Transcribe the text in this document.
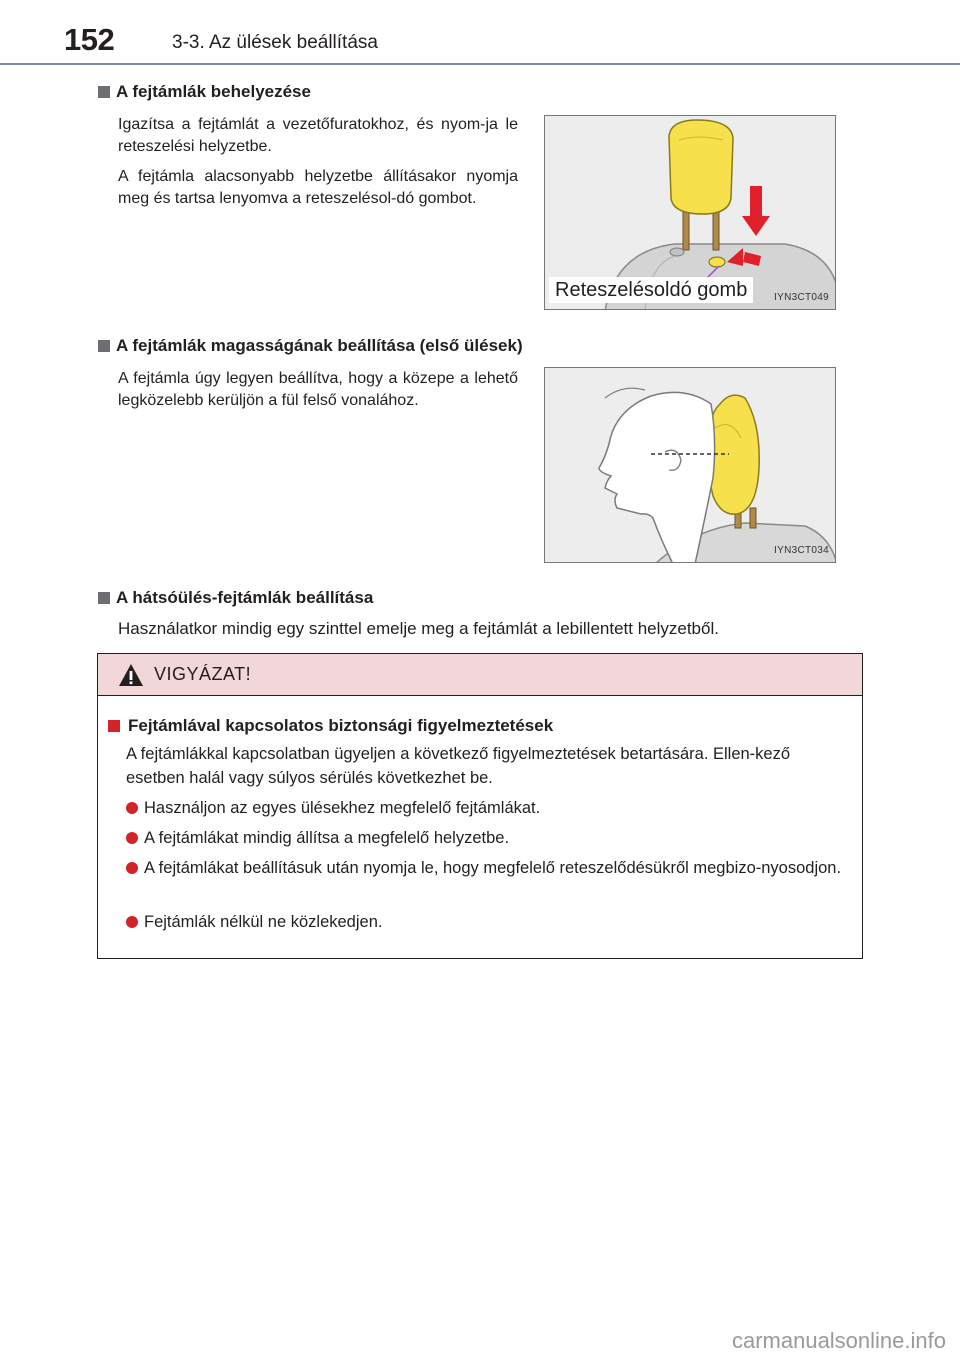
152	3-3. Az ülések beállítása
A fejtámlák behelyezése
Igazítsa a fejtámlát a vezetőfuratokhoz, és nyom-ja le reteszelési helyzetbe.
A fejtámla alacsonyabb helyzetbe állításakor nyomja meg és tartsa lenyomva a reteszelésol-dó gombot.
Reteszelésoldó gomb	IYN3CT049
A fejtámlák magasságának beállítása (első ülések)
A fejtámla úgy legyen beállítva, hogy a közepe a lehető legközelebb kerüljön a fül felső vonalához.
IYN3CT034
A hátsóülés-fejtámlák beállítása
Használatkor mindig egy szinttel emelje meg a fejtámlát a lebillentett helyzetből.
VIGYÁZAT!
Fejtámlával kapcsolatos biztonsági figyelmeztetések
A fejtámlákkal kapcsolatban ügyeljen a következő figyelmeztetések betartására. Ellen-kező esetben halál vagy súlyos sérülés következhet be.
Használjon az egyes ülésekhez megfelelő fejtámlákat.
A fejtámlákat mindig állítsa a megfelelő helyzetbe.
A fejtámlákat beállításuk után nyomja le, hogy megfelelő reteszelődésükről megbizo-nyosodjon.
Fejtámlák nélkül ne közlekedjen.
carmanualsonline.info
